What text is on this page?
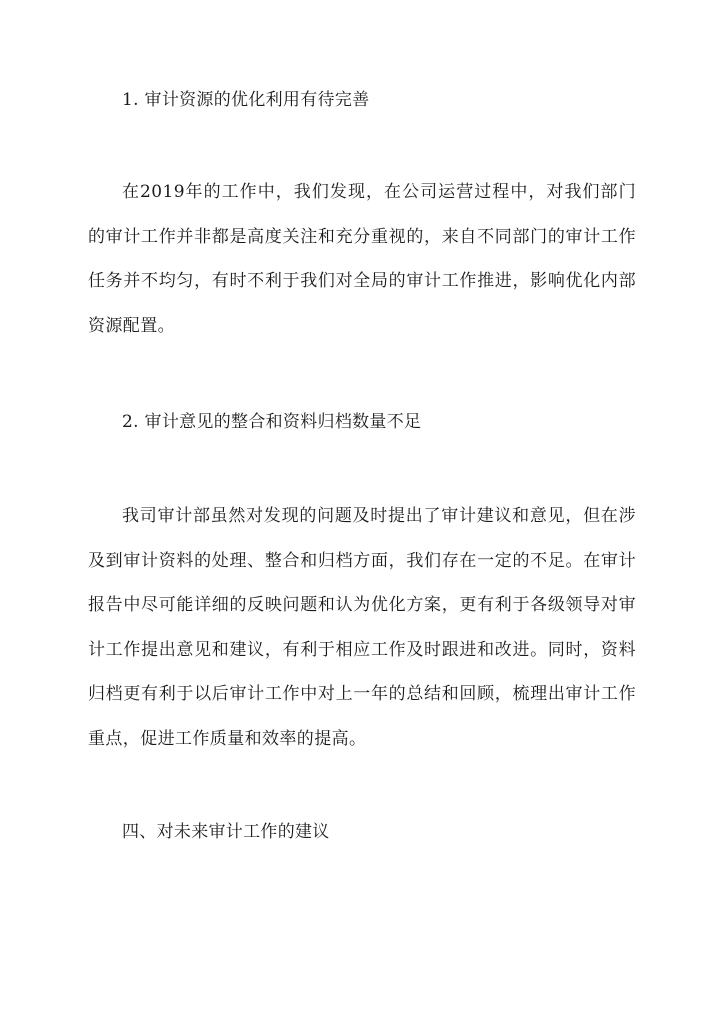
1. 审计资源的优化利用有待完善
在2019年的工作中，我们发现，在公司运营过程中，对我们部门的审计工作并非都是高度关注和充分重视的，来自不同部门的审计工作任务并不均匀，有时不利于我们对全局的审计工作推进，影响优化内部资源配置。
2. 审计意见的整合和资料归档数量不足
我司审计部虽然对发现的问题及时提出了审计建议和意见，但在涉及到审计资料的处理、整合和归档方面，我们存在一定的不足。在审计报告中尽可能详细的反映问题和认为优化方案，更有利于各级领导对审计工作提出意见和建议，有利于相应工作及时跟进和改进。同时，资料归档更有利于以后审计工作中对上一年的总结和回顾，梳理出审计工作重点，促进工作质量和效率的提高。
四、对未来审计工作的建议
